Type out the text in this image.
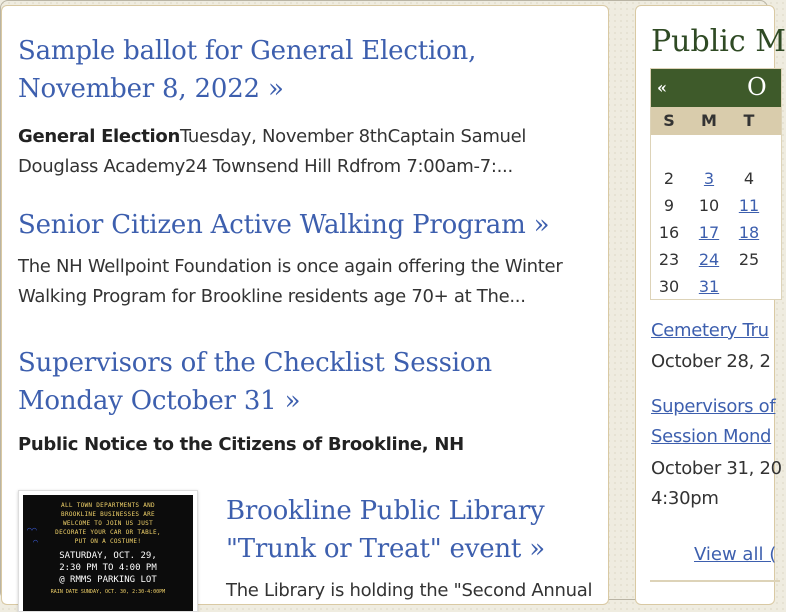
Sample ballot for General Election, November 8, 2022 »
General ElectionTuesday, November 8thCaptain Samuel Douglass Academy24 Townsend Hill Rdfrom 7:00am-7:...
Senior Citizen Active Walking Program »
The NH Wellpoint Foundation is once again offering the Winter Walking Program for Brookline residents age 70+ at The...
Supervisors of the Checklist Session Monday October 31 »
Public Notice to the Citizens of Brookline, NH
⌒⌒
⌒
ALL TOWN DEPARTMENTS AND
BROOKLINE BUSINESSES ARE
WELCOME TO JOIN US JUST
DECORATE YOUR CAR OR TABLE,
PUT ON A COSTUME!
SATURDAY, OCT. 29,
2:30 PM TO 4:00 PM
@ RMMS PARKING LOT
RAIN DATE SUNDAY, OCT. 30, 2:30-4:00PM
Brookline Public Library "Trunk or Treat" event »
The Library is holding the "Second Annual
Public M
«	O
S	M	T
2	3	4
9	10	11
16	17	18
23	24	25
30	31
Cemetery Tru
October 28, 2
Supervisors of
Session Mond
October 31, 20
4:30pm
View all (
